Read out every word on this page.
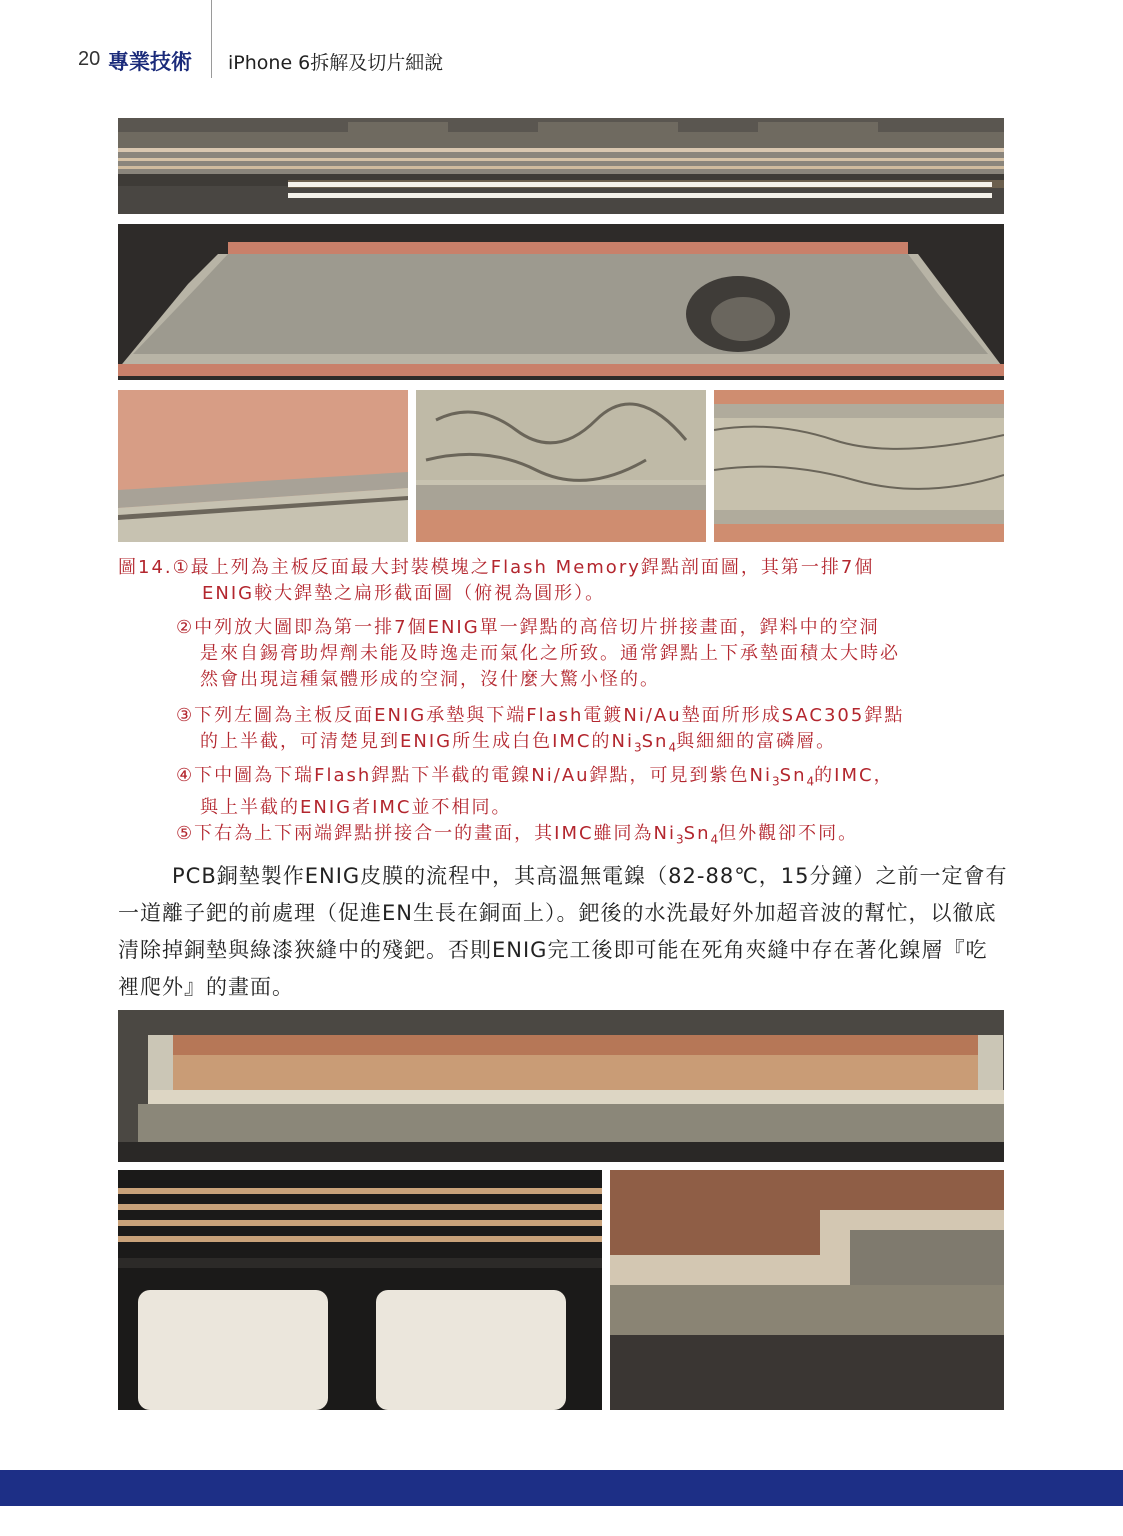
20 專業技術 iPhone 6拆解及切片細說
圖14.①最上列為主板反面最大封裝模塊之Flash Memory銲點剖面圖，其第一排7個
ENIG較大銲墊之扁形截面圖（俯視為圓形）。
②中列放大圖即為第一排7個ENIG單一銲點的高倍切片拼接畫面，銲料中的空洞
是來自錫膏助焊劑未能及時逸走而氣化之所致。通常銲點上下承墊面積太大時必
然會出現這種氣體形成的空洞，沒什麼大驚小怪的。
③下列左圖為主板反面ENIG承墊與下端Flash電鍍Ni/Au墊面所形成SAC305銲點
的上半截，可清楚見到ENIG所生成白色IMC的$Ni_3Sn_4$與細細的富磷層。
④下中圖為下瑞Flash銲點下半截的電鎳Ni/Au銲點，可見到紫色$Ni_3Sn_4$的IMC，
與上半截的ENIG者IMC並不相同。
⑤下右為上下兩端銲點拼接合一的畫面，其IMC雖同為$Ni_3Sn_4$但外觀卻不同。
PCB銅墊製作ENIG皮膜的流程中，其高溫無電鎳（82-88℃，15分鐘）之前一定會有一道離子鈀的前處理（促進EN生長在銅面上）。鈀後的水洗最好外加超音波的幫忙，以徹底清除掉銅墊與綠漆狹縫中的殘鈀。否則ENIG完工後即可能在死角夾縫中存在著化鎳層『吃裡爬外』的畫面。
